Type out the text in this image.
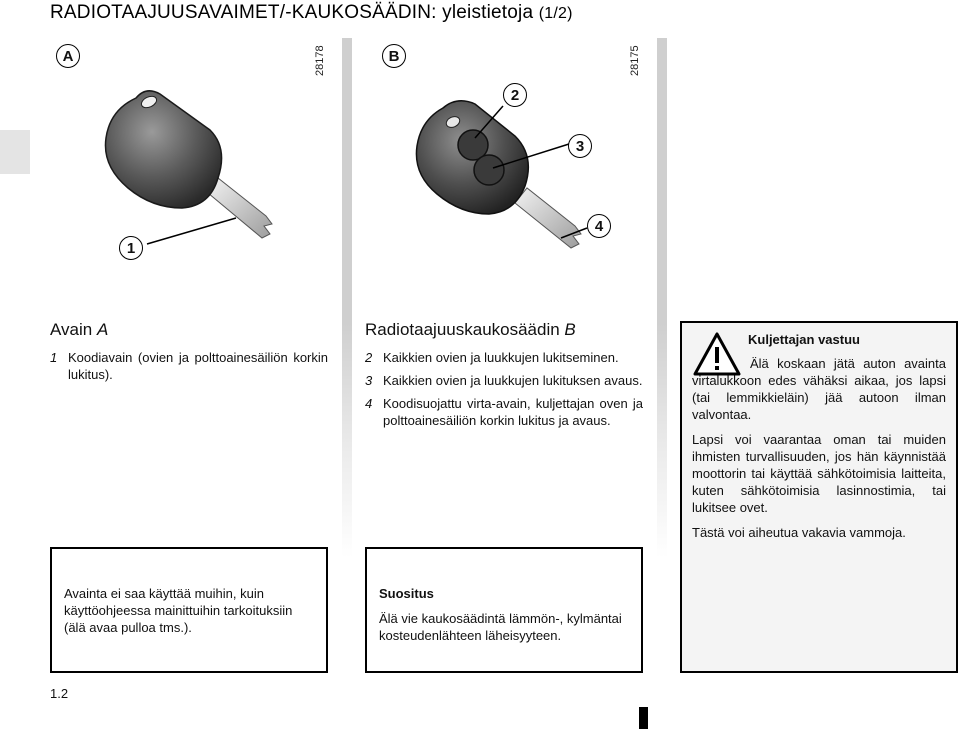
RADIOTAAJUUSAVAIMET/-KAUKOSÄÄDIN: yleistietoja (1/2)
A	28178
1
B	28175
2
3
4
Avain A
1 Koodiavain (ovien ja polttoainesäiliön korkin lukitus).
Radiotaajuuskaukosäädin B
2 Kaikkien ovien ja luukkujen lukitseminen.
3 Kaikkien ovien ja luukkujen lukituksen avaus.
4 Koodisuojattu virta-avain, kuljettajan oven ja polttoainesäiliön korkin lukitus ja avaus.
Kuljettajan vastuu
Älä koskaan jätä auton avainta virtalukkoon edes vähäksi aikaa, jos lapsi (tai lemmikkieläin) jää autoon ilman valvontaa.
Lapsi voi vaarantaa oman tai muiden ihmisten turvallisuuden, jos hän käynnistää moottorin tai käyttää sähkötoimisia laitteita, kuten sähkötoimisia lasinnostimia, tai lukitsee ovet.
Tästä voi aiheutua vakavia vammoja.
Avainta ei saa käyttää muihin, kuin käyttöohjeessa mainittuihin tarkoituksiin (älä avaa pulloa tms.).
Suositus
Älä vie kaukosäädintä lämmön-, kylmäntai kosteudenlähteen läheisyyteen.
1.2
